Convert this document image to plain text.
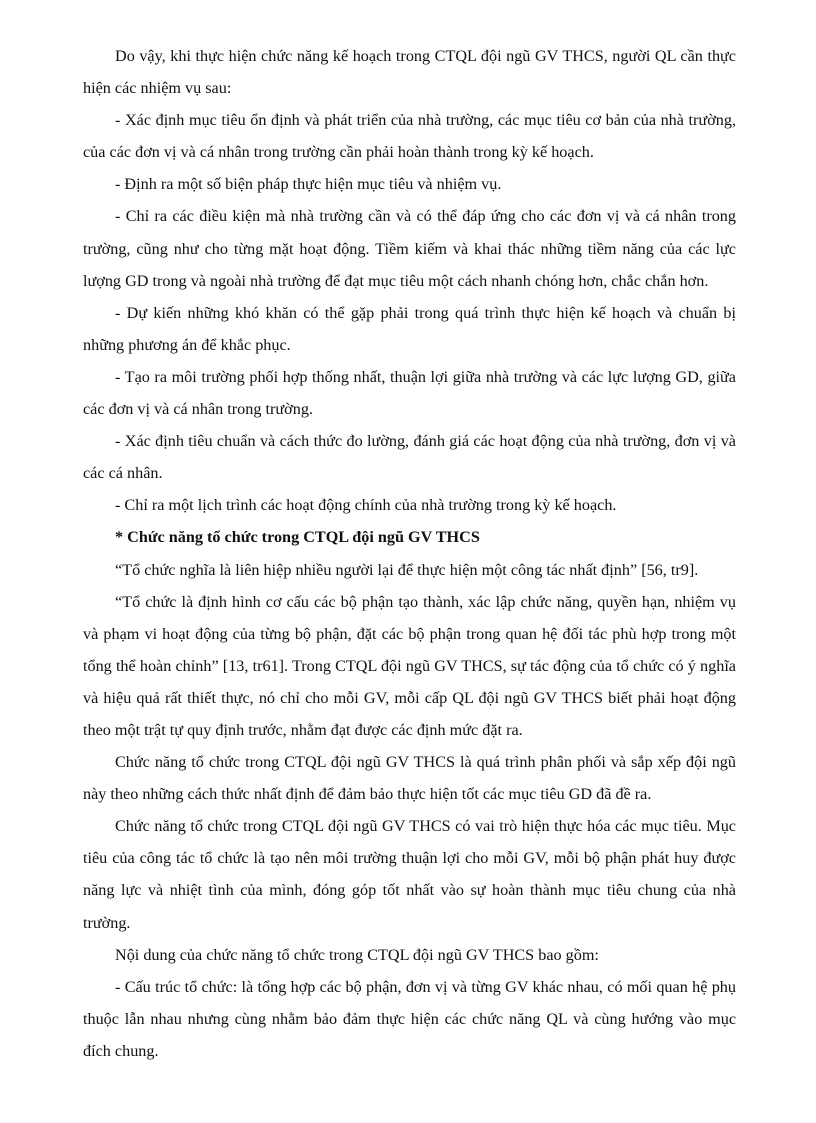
Do vậy, khi thực hiện chức năng kế hoạch trong CTQL đội ngũ GV THCS, người QL cần thực hiện các nhiệm vụ sau:

- Xác định mục tiêu ổn định và phát triển của nhà trường, các mục tiêu cơ bản của nhà trường, của các đơn vị và cá nhân trong trường cần phải hoàn thành trong kỳ kế hoạch.

- Định ra một số biện pháp thực hiện mục tiêu và nhiệm vụ.

- Chỉ ra các điều kiện mà nhà trường cần và có thể đáp ứng cho các đơn vị và cá nhân trong trường, cũng như cho từng mặt hoạt động. Tiềm kiếm và khai thác những tiềm năng của các lực lượng GD trong và ngoài nhà trường để đạt mục tiêu một cách nhanh chóng hơn, chắc chắn hơn.

- Dự kiến những khó khăn có thể gặp phải trong quá trình thực hiện kế hoạch và chuẩn bị những phương án để khắc phục.

- Tạo ra môi trường phối hợp thống nhất, thuận lợi giữa nhà trường và các lực lượng GD, giữa các đơn vị và cá nhân trong trường.

- Xác định tiêu chuẩn và cách thức đo lường, đánh giá các hoạt động của nhà trường, đơn vị và các cá nhân.

- Chỉ ra một lịch trình các hoạt động chính của nhà trường trong kỳ kế hoạch.

* Chức năng tổ chức trong CTQL đội ngũ GV THCS

“Tổ chức nghĩa là liên hiệp nhiều người lại để thực hiện một công tác nhất định” [56, tr9].

“Tổ chức là định hình cơ cấu các bộ phận tạo thành, xác lập chức năng, quyền hạn, nhiệm vụ và phạm vi hoạt động của từng bộ phận, đặt các bộ phận trong quan hệ đối tác phù hợp trong một tổng thể hoàn chỉnh” [13, tr61]. Trong CTQL đội ngũ GV THCS, sự tác động của tổ chức có ý nghĩa và hiệu quả rất thiết thực, nó chỉ cho mỗi GV, mỗi cấp QL đội ngũ GV THCS biết phải hoạt động theo một trật tự quy định trước, nhằm đạt được các định mức đặt ra.

Chức năng tổ chức trong CTQL đội ngũ GV THCS là quá trình phân phối và sắp xếp đội ngũ này theo những cách thức nhất định để đảm bảo thực hiện tốt các mục tiêu GD đã đề ra.

Chức năng tổ chức trong CTQL đội ngũ GV THCS có vai trò hiện thực hóa các mục tiêu. Mục tiêu của công tác tổ chức là tạo nên môi trường thuận lợi cho mỗi GV, mỗi bộ phận phát huy được năng lực và nhiệt tình của mình, đóng góp tốt nhất vào sự hoàn thành mục tiêu chung của nhà trường.

Nội dung của chức năng tổ chức trong CTQL đội ngũ GV THCS bao gồm:

- Cấu trúc tổ chức: là tổng hợp các bộ phận, đơn vị và từng GV khác nhau, có mối quan hệ phụ thuộc lẫn nhau nhưng cùng nhằm bảo đảm thực hiện các chức năng QL và cùng hướng vào mục đích chung.
